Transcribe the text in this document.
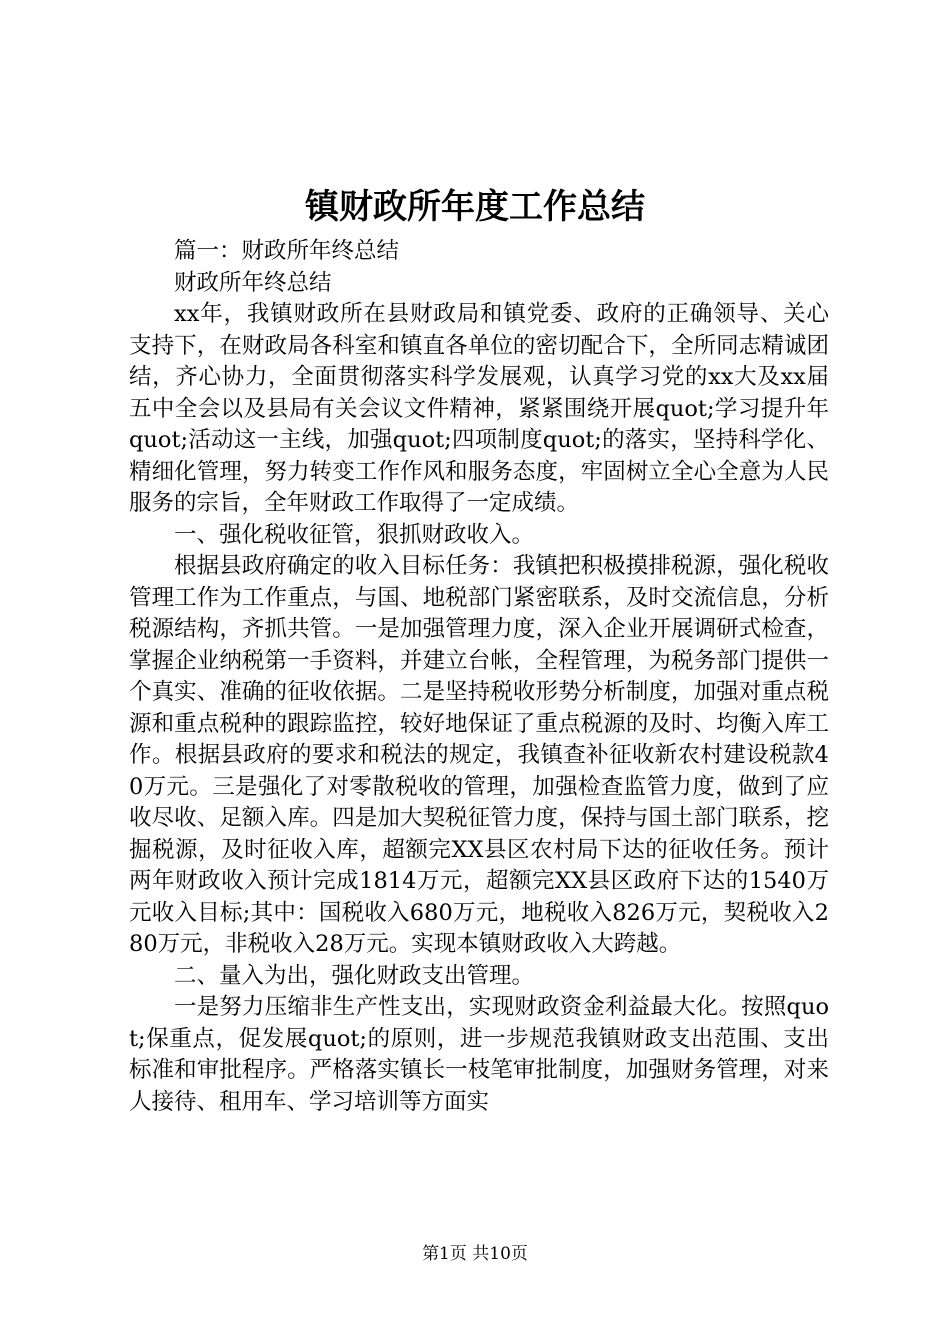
镇财政所年度工作总结

篇一：财政所年终总结

财政所年终总结

xx年，我镇财政所在县财政局和镇党委、政府的正确领导、关心支持下，在财政局各科室和镇直各单位的密切配合下，全所同志精诚团结，齐心协力，全面贯彻落实科学发展观，认真学习党的xx大及xx届五中全会以及县局有关会议文件精神，紧紧围绕开展quot;学习提升年quot;活动这一主线，加强quot;四项制度quot;的落实，坚持科学化、精细化管理，努力转变工作作风和服务态度，牢固树立全心全意为人民服务的宗旨，全年财政工作取得了一定成绩。

一、强化税收征管，狠抓财政收入。

根据县政府确定的收入目标任务：我镇把积极摸排税源，强化税收管理工作为工作重点，与国、地税部门紧密联系，及时交流信息，分析税源结构，齐抓共管。一是加强管理力度，深入企业开展调研式检查，掌握企业纳税第一手资料，并建立台帐，全程管理，为税务部门提供一个真实、准确的征收依据。二是坚持税收形势分析制度，加强对重点税源和重点税种的跟踪监控，较好地保证了重点税源的及时、均衡入库工作。根据县政府的要求和税法的规定，我镇查补征收新农村建设税款40万元。三是强化了对零散税收的管理，加强检查监管力度，做到了应收尽收、足额入库。四是加大契税征管力度，保持与国土部门联系，挖掘税源，及时征收入库，超额完XX县区农村局下达的征收任务。预计两年财政收入预计完成1814万元，超额完XX县区政府下达的1540万元收入目标;其中：国税收入680万元，地税收入826万元，契税收入280万元，非税收入28万元。实现本镇财政收入大跨越。

二、量入为出，强化财政支出管理。

一是努力压缩非生产性支出，实现财政资金利益最大化。按照quot;保重点，促发展quot;的原则，进一步规范我镇财政支出范围、支出标准和审批程序。严格落实镇长一枝笔审批制度，加强财务管理，对来人接待、租用车、学习培训等方面实

第1页 共10页
